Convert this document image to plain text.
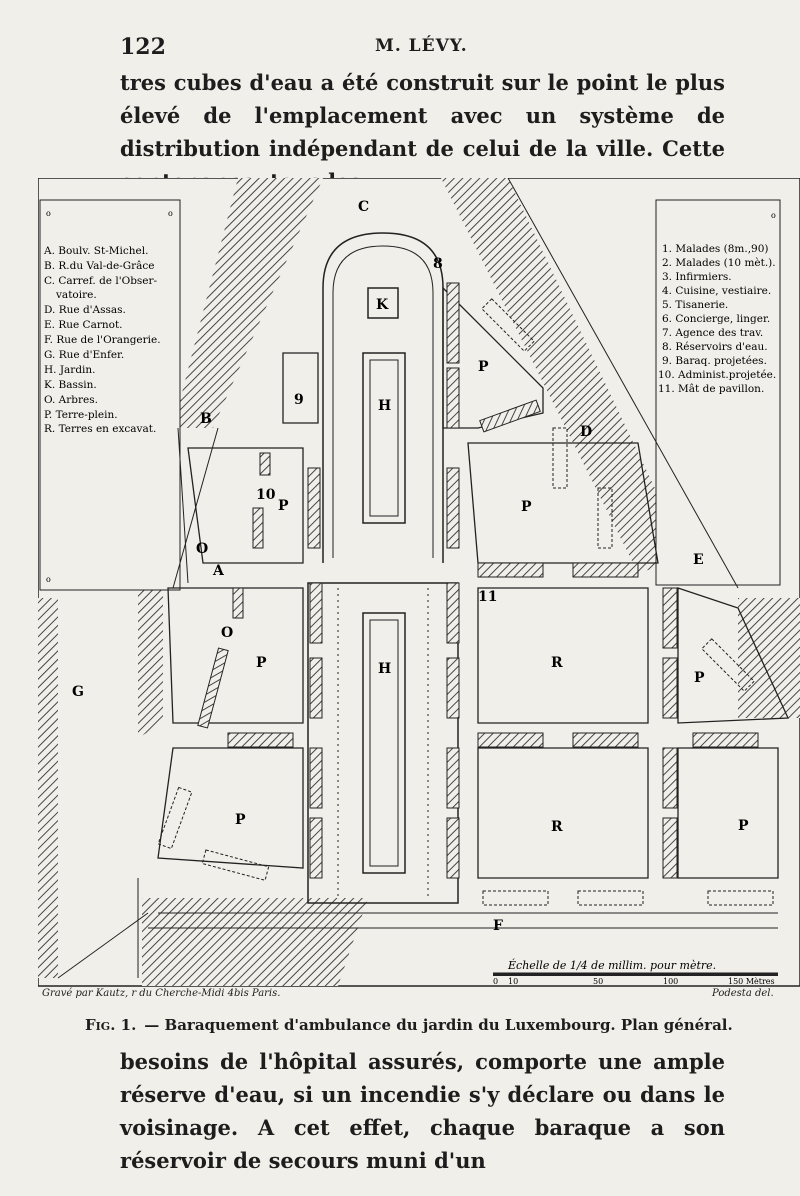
122	M. LÉVY.
tres cubes d'eau a été construit sur le point le plus élevé de l'emplacement avec un système de distribution indépendant de celui de la ville. Cette
o	o
o
o
A. Boulv. St-Michel.
B. R.du Val-de-Grâce
C. Carref. de l'Obser-
vatoire.
D. Rue d'Assas.
E. Rue Carnot.
F. Rue de l'Orangerie.
G. Rue d'Enfer.
H. Jardin.
K. Bassin.
O. Arbres.
P. Terre-plein.
R. Terres en excavat.
1. Malades (8m.,90)
2. Malades (10 mèt.).
3. Infirmiers.
4. Cuisine, vestiaire.
5. Tisanerie.
6. Concierge, linger.
7. Agence des trav.
8. Réservoirs d'eau.
9. Baraq. projetées.
10. Administ.projetée.
11. Mât de pavillon.
C
B
D
A
E
F
G
K
H
H
P
P
P
P
P
P
P
R
R
O
O
9
10
8
11
Échelle de 1/4 de millim. pour mètre.
0 10	50	100	150 Mètres
Gravé par Kautz, r du Cherche-Midi 4bis Paris.	Podesta del.
Fig. 1. — Baraquement d'ambulance du jardin du Luxembourg. Plan général.
besoins de l'hôpital assurés, comporte une ample réserve d'eau, si un incendie s'y déclare ou dans le voisinage. A cet effet, chaque baraque a son réservoir de secours muni d'un
